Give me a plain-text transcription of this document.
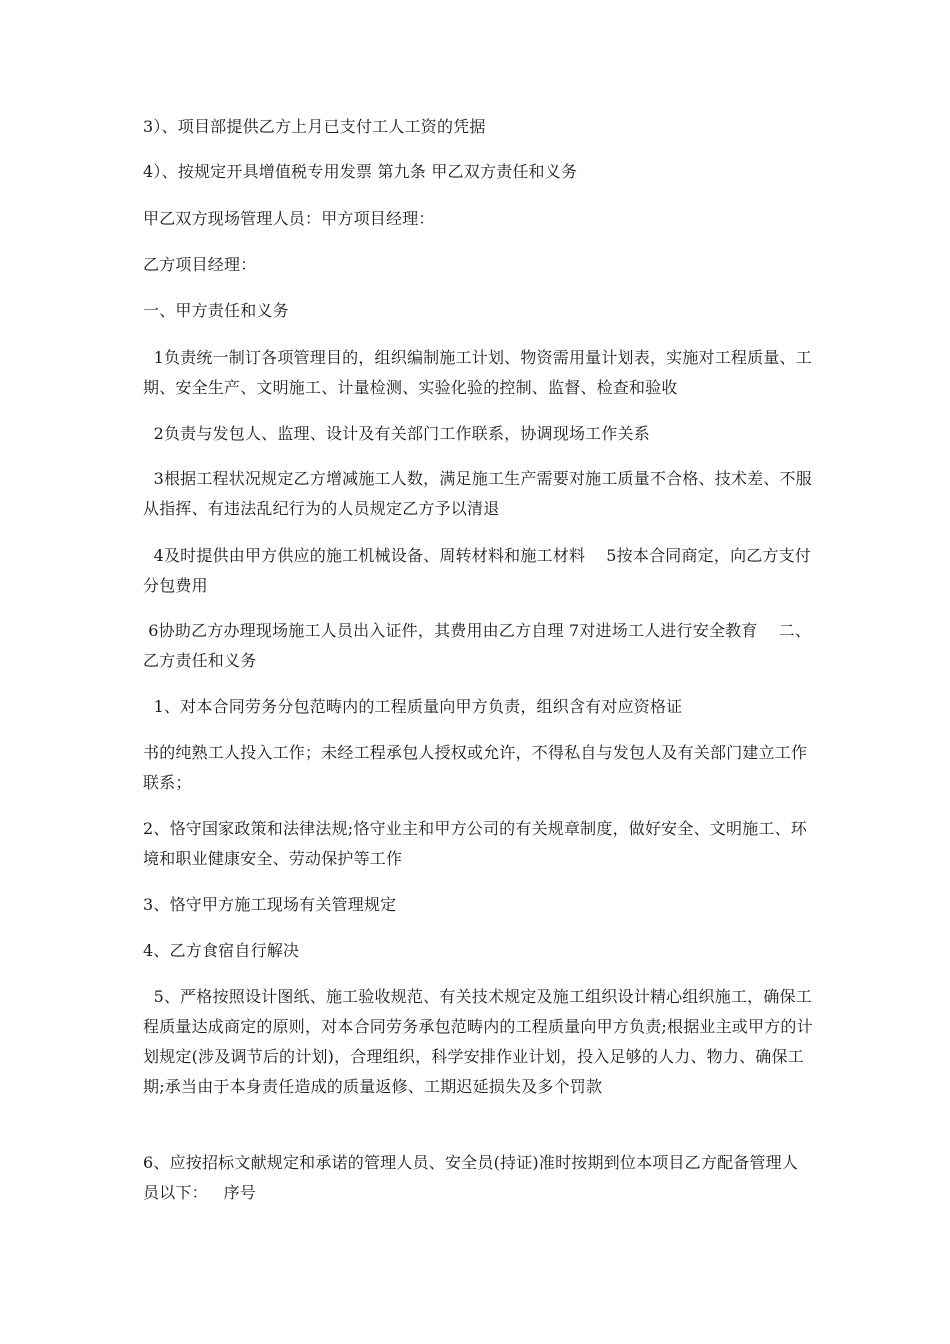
3）、项目部提供乙方上月已支付工人工资的凭据
4）、按规定开具增值税专用发票 第九条 甲乙双方责任和义务
甲乙双方现场管理人员：甲方项目经理：
乙方项目经理：
一、甲方责任和义务
1负责统一制订各项管理目的，组织编制施工计划、物资需用量计划表，实施对工程质量、工期、安全生产、文明施工、计量检测、实验化验的控制、监督、检查和验收
2负责与发包人、监理、设计及有关部门工作联系，协调现场工作关系
3根据工程状况规定乙方增减施工人数，满足施工生产需要对施工质量不合格、技术差、不服从指挥、有违法乱纪行为的人员规定乙方予以清退
4及时提供由甲方供应的施工机械设备、周转材料和施工材料    5按本合同商定，向乙方支付分包费用
6协助乙方办理现场施工人员出入证件，其费用由乙方自理 7对进场工人进行安全教育    二、乙方责任和义务
1、对本合同劳务分包范畴内的工程质量向甲方负责，组织含有对应资格证
书的纯熟工人投入工作；未经工程承包人授权或允许，不得私自与发包人及有关部门建立工作联系；
2、恪守国家政策和法律法规;恪守业主和甲方公司的有关规章制度，做好安全、文明施工、环境和职业健康安全、劳动保护等工作
3、恪守甲方施工现场有关管理规定
4、乙方食宿自行解决
5、严格按照设计图纸、施工验收规范、有关技术规定及施工组织设计精心组织施工，确保工程质量达成商定的原则，对本合同劳务承包范畴内的工程质量向甲方负责;根据业主或甲方的计划规定(涉及调节后的计划)，合理组织，科学安排作业计划，投入足够的人力、物力、确保工期;承当由于本身责任造成的质量返修、工期迟延损失及多个罚款
6、应按招标文献规定和承诺的管理人员、安全员(持证)准时按期到位本项目乙方配备管理人员以下：   序号
